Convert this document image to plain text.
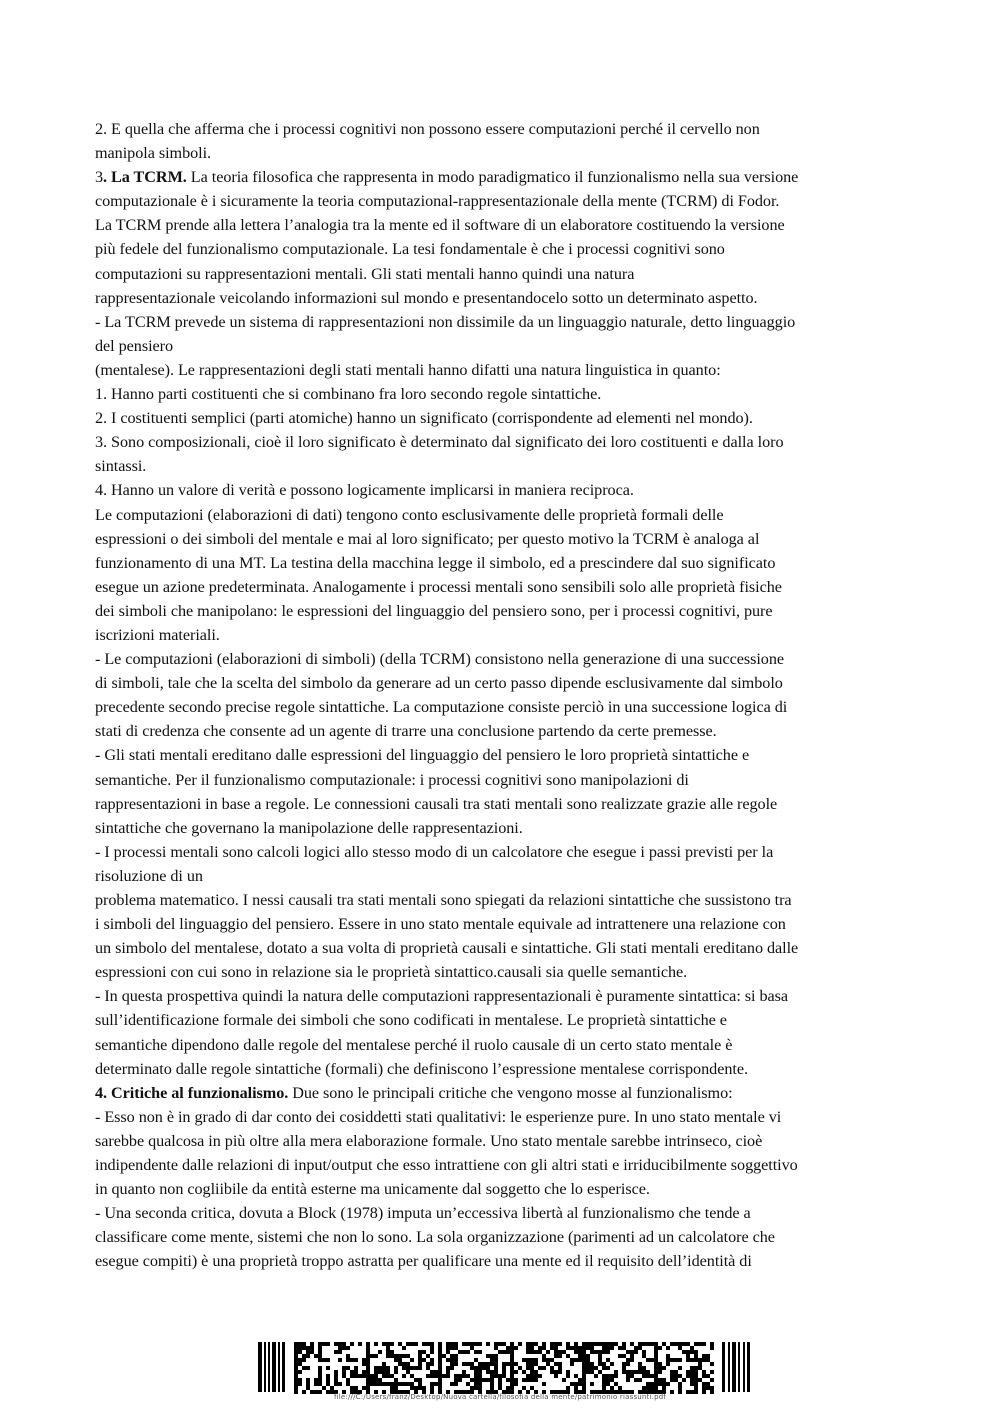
2. E quella che afferma che i processi cognitivi non possono essere computazioni perché il cervello non
manipola simboli.
3. La TCRM. La teoria filosofica che rappresenta in modo paradigmatico il funzionalismo nella sua versione
computazionale è i sicuramente la teoria computazional-rappresentazionale della mente (TCRM) di Fodor.
La TCRM prende alla lettera l’analogia tra la mente ed il software di un elaboratore costituendo la versione
più fedele del funzionalismo computazionale. La tesi fondamentale è che i processi cognitivi sono
computazioni su rappresentazioni mentali. Gli stati mentali hanno quindi una natura
rappresentazionale veicolando informazioni sul mondo e presentandocelo sotto un determinato aspetto.
- La TCRM prevede un sistema di rappresentazioni non dissimile da un linguaggio naturale, detto linguaggio
del pensiero
(mentalese). Le rappresentazioni degli stati mentali hanno difatti una natura linguistica in quanto:
1. Hanno parti costituenti che si combinano fra loro secondo regole sintattiche.
2. I costituenti semplici (parti atomiche) hanno un significato (corrispondente ad elementi nel mondo).
3. Sono composizionali, cioè il loro significato è determinato dal significato dei loro costituenti e dalla loro
sintassi.
4. Hanno un valore di verità e possono logicamente implicarsi in maniera reciproca.
Le computazioni (elaborazioni di dati) tengono conto esclusivamente delle proprietà formali delle
espressioni o dei simboli del mentale e mai al loro significato; per questo motivo la TCRM è analoga al
funzionamento di una MT. La testina della macchina legge il simbolo, ed a prescindere dal suo significato
esegue un azione predeterminata. Analogamente i processi mentali sono sensibili solo alle proprietà fisiche
dei simboli che manipolano: le espressioni del linguaggio del pensiero sono, per i processi cognitivi, pure
iscrizioni materiali.
- Le computazioni (elaborazioni di simboli) (della TCRM) consistono nella generazione di una successione
di simboli, tale che la scelta del simbolo da generare ad un certo passo dipende esclusivamente dal simbolo
precedente secondo precise regole sintattiche. La computazione consiste perciò in una successione logica di
stati di credenza che consente ad un agente di trarre una conclusione partendo da certe premesse.
- Gli stati mentali ereditano dalle espressioni del linguaggio del pensiero le loro proprietà sintattiche e
semantiche. Per il funzionalismo computazionale: i processi cognitivi sono manipolazioni di
rappresentazioni in base a regole. Le connessioni causali tra stati mentali sono realizzate grazie alle regole
sintattiche che governano la manipolazione delle rappresentazioni.
- I processi mentali sono calcoli logici allo stesso modo di un calcolatore che esegue i passi previsti per la
risoluzione di un
problema matematico. I nessi causali tra stati mentali sono spiegati da relazioni sintattiche che sussistono tra
i simboli del linguaggio del pensiero. Essere in uno stato mentale equivale ad intrattenere una relazione con
un simbolo del mentalese, dotato a sua volta di proprietà causali e sintattiche. Gli stati mentali ereditano dalle
espressioni con cui sono in relazione sia le proprietà sintattico.causali sia quelle semantiche.
- In questa prospettiva quindi la natura delle computazioni rappresentazionali è puramente sintattica: si basa
sull’identificazione formale dei simboli che sono codificati in mentalese. Le proprietà sintattiche e
semantiche dipendono dalle regole del mentalese perché il ruolo causale di un certo stato mentale è
determinato dalle regole sintattiche (formali) che definiscono l’espressione mentalese corrispondente.
4. Critiche al funzionalismo. Due sono le principali critiche che vengono mosse al funzionalismo:
- Esso non è in grado di dar conto dei cosiddetti stati qualitativi: le esperienze pure. In uno stato mentale vi
sarebbe qualcosa in più oltre alla mera elaborazione formale. Uno stato mentale sarebbe intrinseco, cioè
indipendente dalle relazioni di input/output che esso intrattiene con gli altri stati e irriducibilmente soggettivo
in quanto non cogliibile da entità esterne ma unicamente dal soggetto che lo esperisce.
- Una seconda critica, dovuta a Block (1978) imputa un’eccessiva libertà al funzionalismo che tende a
classificare come mente, sistemi che non lo sono. La sola organizzazione (parimenti ad un calcolatore che
esegue compiti) è una proprietà troppo astratta per qualificare una mente ed il requisito dell’identità di
file:///C:/Users/franz/Desktop/Nuova cartella/filosofia della mente/patrimonio riassunti.pdf
